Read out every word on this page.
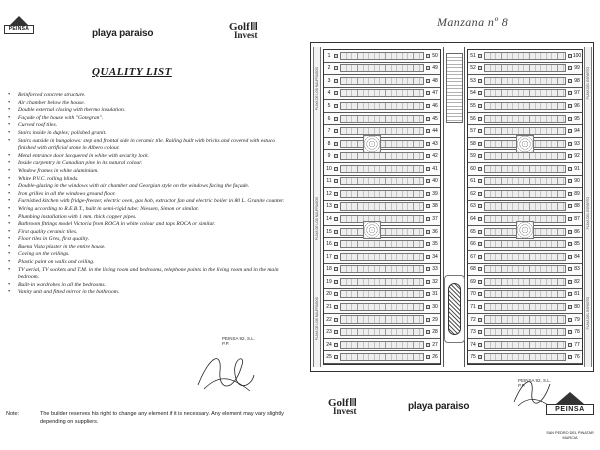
PEINSA	playa paraiso
Golf
Invest
QUALITY LIST
• Reinforced concrete structure.
• Air chamber below the house.
• Double external closing with thermo insulation.
• Façade of the house with "Gotegran".
• Curved roof tiles.
• Stairs inside in duplex; polished granit.
• Stairs outside in bungalows: step and frontal side in ceramic tile. Railing built with bricks and covered with estuco finished with artificial stone in Albero colour.
• Metal entrance door lacquered in white with security lock.
• Inside carpentry in Canadian pine in its natural colour.
• Window frames in white aluminium.
• White P.V.C. rolling blinds.
• Double-glazing in the windows with air chamber and Georgian style on the windows facing the façade.
• Iron grilles in all the windows ground floor.
• Furnished kitchen with fridge-freezer, electric oven, gas hob, extractor fan and electric boiler in 80 L. Granite counter.
• Wiring according to R.E.B.T., built in semi-rigid tube: Niessen, Simon or similar.
• Plumbing installation with 1 mm. thick copper pipes.
• Bathroom fittings model Victoria from ROCA in white colour and taps ROCA or similar.
• First quality ceramic tiles.
• Floor tiles in Gres, first quality.
• Buena Vista plaster in the entire house.
• Coving on the ceilings.
• Plastic paint on walls and ceiling.
• TV aerial, TV sockets and T.M. in the living room and bedrooms, telephone points in the living room and in the main bedroom.
• Built-in wardrobes in all the bedrooms.
• Vanity unit and fitted mirror in the bathroom.
PEINSA 92, S.L.
P.P.
Note:	The builder reserves his right to change any element if it is necessary. Any element may vary slightly depending on suppliers.
Manzana nº 8
PLAYA DE LOS NAUFRAGOS
PLAYA DE LOS NAUFRAGOS
PLAYA DE LOS NAUFRAGOS
PLAYA DEL ESPARTO
PLAYA DEL ESPARTO
PLAYA DEL ESPARTO
1	50
2	49
3	48
4	47
5	46
6	45
7	44
8	43
9	42
10	41
11	40
12	39
13	38
14	37
15	36
16	35
17	34
18	33
19	32
20	31
21	30
22	29
23	28
24	27
25	26
51	100
52	99
53	98
54	97
55	96
56	95
57	94
58	93
59	92
60	91
61	90
62	89
63	88
64	87
65	86
66	85
67	84
68	83
69	82
70	81
71	80
72	79
73	78
74	77
75	76
Golf
Invest	playa paraiso
PEINSA 92, S.L.
P.P.
PEINSA
SAN PEDRO DEL PINATAR
MURCIA
